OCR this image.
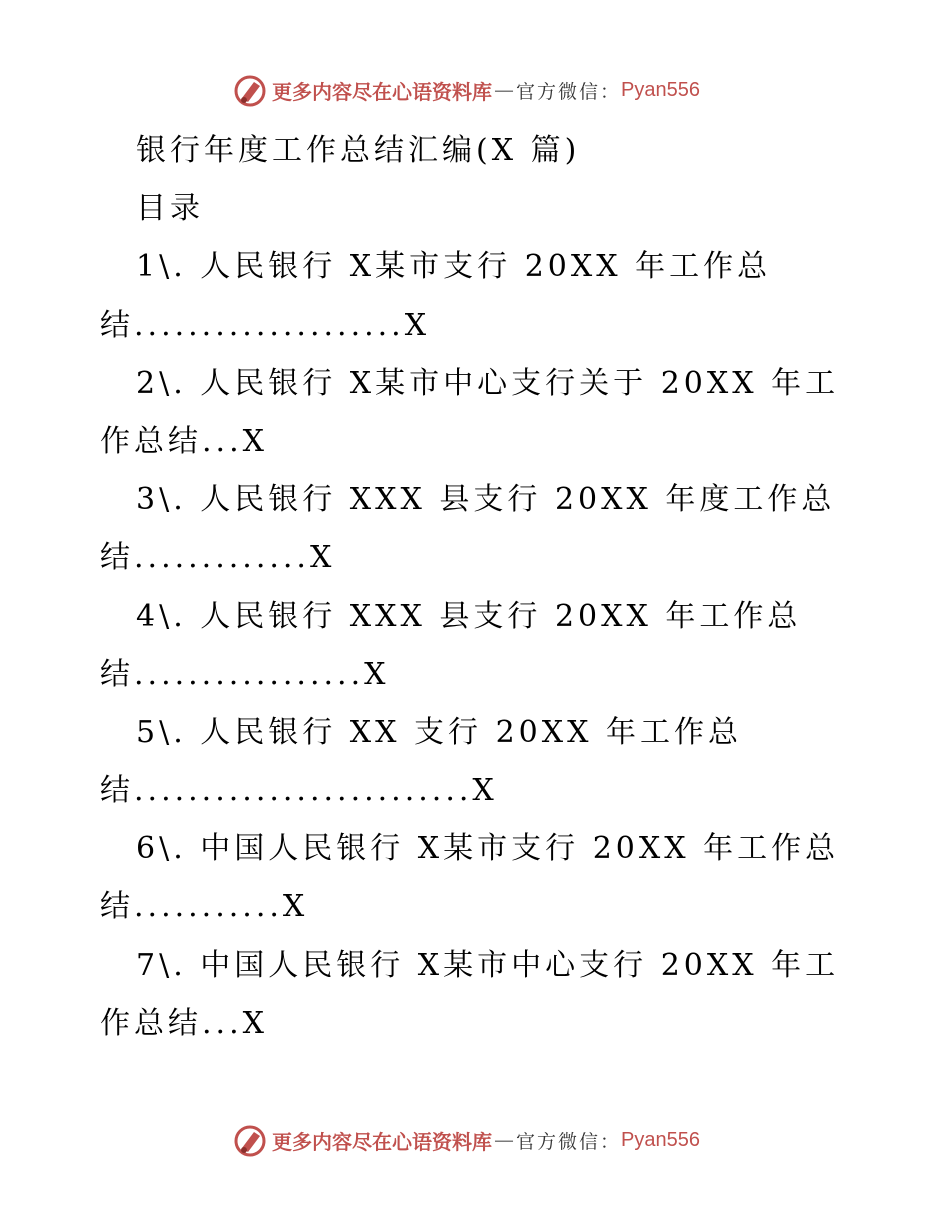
更多内容尽在心语资料库 — 官方微信： Pyan556

银行年度工作总结汇编(X 篇)

目录

1\. 人民银行 X某市支行 20XX 年工作总

结....................X

2\. 人民银行 X某市中心支行关于 20XX 年工

作总结...X

3\. 人民银行 XXX 县支行 20XX 年度工作总

结.............X

4\. 人民银行 XXX 县支行 20XX 年工作总

结.................X

5\. 人民银行 XX 支行 20XX 年工作总

结.........................X

6\. 中国人民银行 X某市支行 20XX 年工作总

结...........X

7\. 中国人民银行 X某市中心支行 20XX 年工

作总结...X

更多内容尽在心语资料库 — 官方微信： Pyan556
